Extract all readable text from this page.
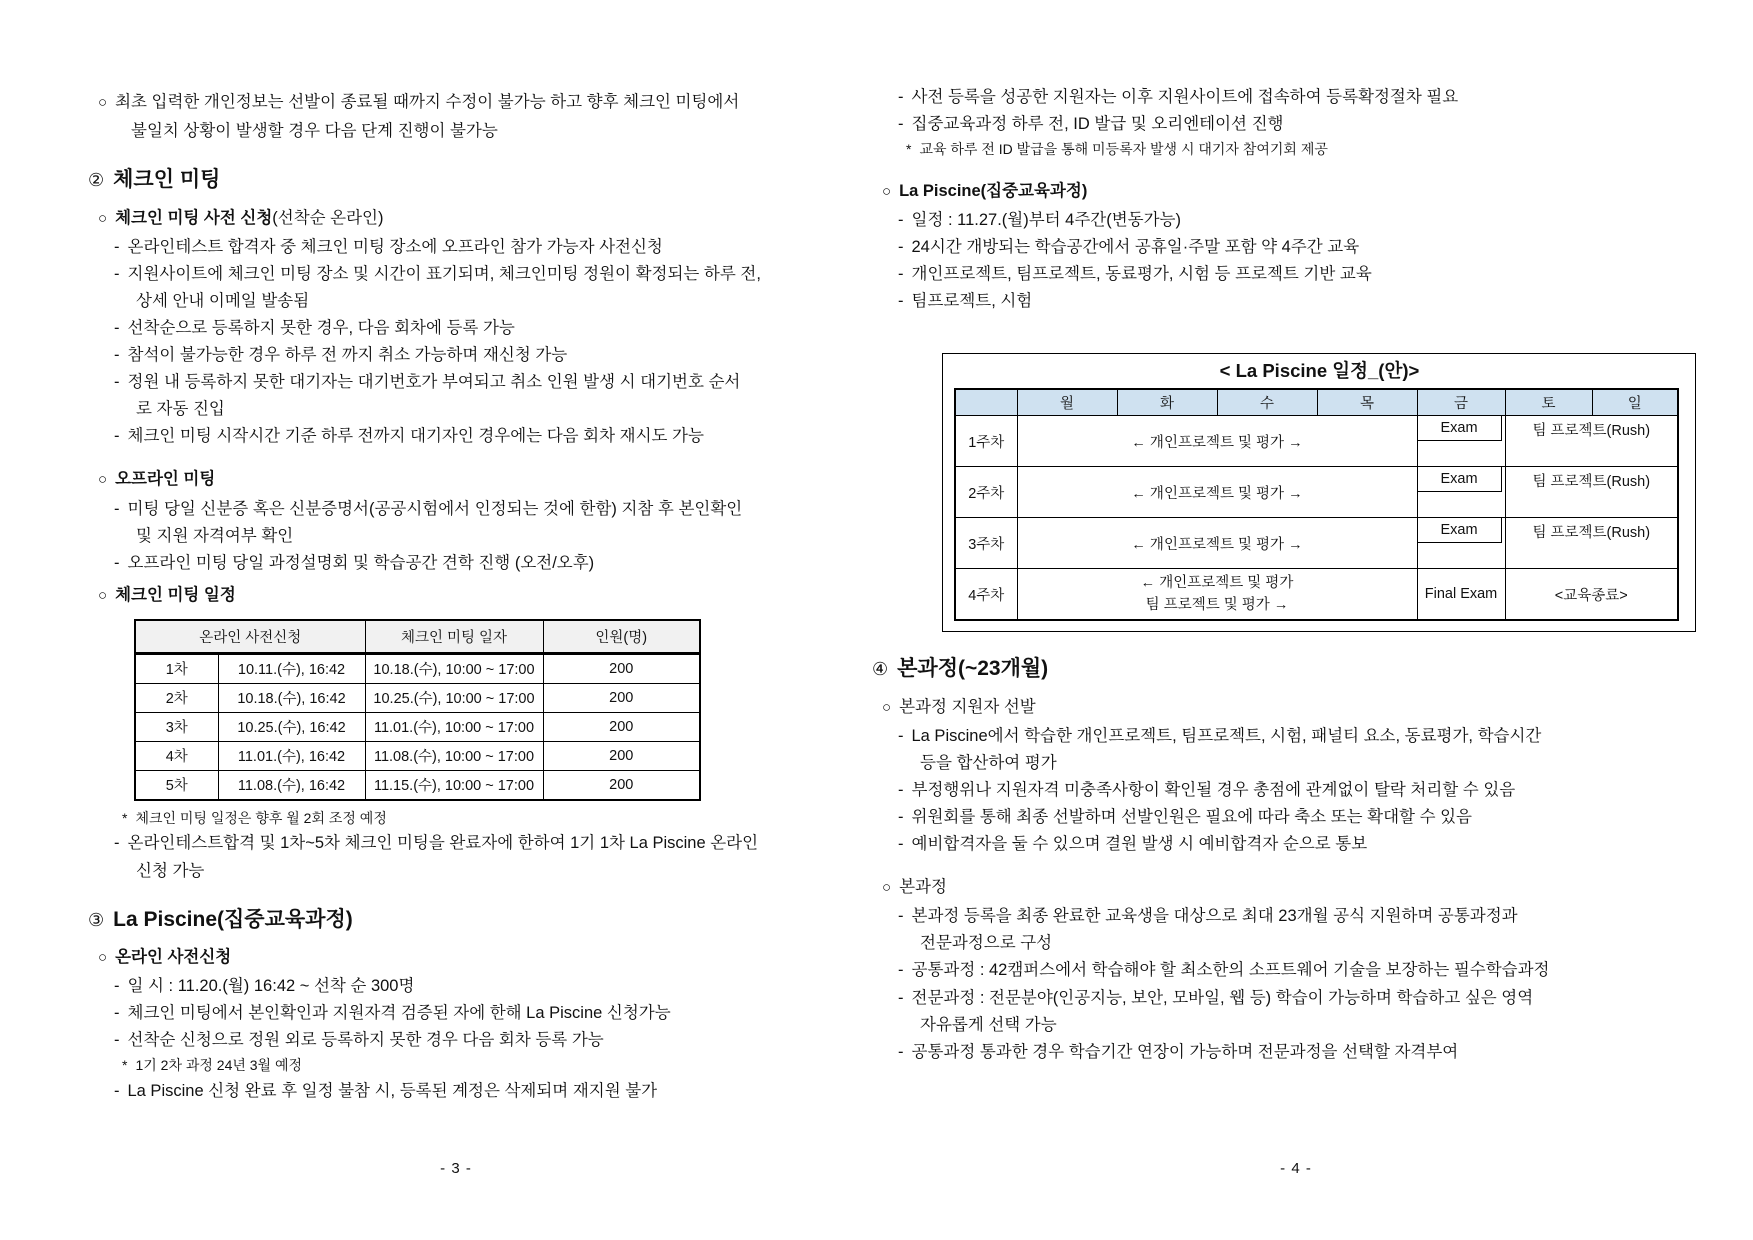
○ 최초 입력한 개인정보는 선발이 종료될 때까지 수정이 불가능 하고 향후 체크인 미팅에서
불일치 상황이 발생할 경우 다음 단계 진행이 불가능
② 체크인 미팅
○ 체크인 미팅 사전 신청 (선착순 온라인)
- 온라인테스트 합격자 중 체크인 미팅 장소에 오프라인 참가 가능자 사전신청
- 지원사이트에 체크인 미팅 장소 및 시간이 표기되며, 체크인미팅 정원이 확정되는 하루 전,
상세 안내 이메일 발송됨
- 선착순으로 등록하지 못한 경우, 다음 회차에 등록 가능
- 참석이 불가능한 경우 하루 전 까지 취소 가능하며 재신청 가능
- 정원 내 등록하지 못한 대기자는 대기번호가 부여되고 취소 인원 발생 시 대기번호 순서
로 자동 진입
- 체크인 미팅 시작시간 기준 하루 전까지 대기자인 경우에는 다음 회차 재시도 가능
○ 오프라인 미팅
- 미팅 당일 신분증 혹은 신분증명서(공공시험에서 인정되는 것에 한함) 지참 후 본인확인
및 지원 자격여부 확인
- 오프라인 미팅 당일 과정설명회 및 학습공간 견학 진행 (오전/오후)
○ 체크인 미팅 일정
온라인 사전신청		체크인 미팅 일자	인원(명)
1차	10.11.(수), 16:42	10.18.(수), 10:00 ~ 17:00	200
2차	10.18.(수), 16:42	10.25.(수), 10:00 ~ 17:00	200
3차	10.25.(수), 16:42	11.01.(수), 10:00 ~ 17:00	200
4차	11.01.(수), 16:42	11.08.(수), 10:00 ~ 17:00	200
5차	11.08.(수), 16:42	11.15.(수), 10:00 ~ 17:00	200
* 체크인 미팅 일정은 향후 월 2회 조정 예정
- 온라인테스트합격 및 1차~5차 체크인 미팅을 완료자에 한하여 1기 1차 La Piscine 온라인
신청 가능
③ La Piscine(집중교육과정)
○ 온라인 사전신청
- 일 시 : 11.20.(월) 16:42 ~ 선착 순 300명
- 체크인 미팅에서 본인확인과 지원자격 검증된 자에 한해 La Piscine 신청가능
- 선착순 신청으로 정원 외로 등록하지 못한 경우 다음 회차 등록 가능
* 1기 2차 과정 24년 3월 예정
- La Piscine 신청 완료 후 일정 불참 시, 등록된 계정은 삭제되며 재지원 불가
- 3 -
- 사전 등록을 성공한 지원자는 이후 지원사이트에 접속하여 등록확정절차 필요
- 집중교육과정 하루 전, ID 발급 및 오리엔테이션 진행
* 교육 하루 전 ID 발급을 통해 미등록자 발생 시 대기자 참여기회 제공
○ La Piscine(집중교육과정)
- 일정 : 11.27.(월)부터 4주간(변동가능)
- 24시간 개방되는 학습공간에서 공휴일·주말 포함 약 4주간 교육
- 개인프로젝트, 팀프로젝트, 동료평가, 시험 등 프로젝트 기반 교육
- 팀프로젝트, 시험
< La Piscine 일정_(안)>
	월	화	수	목	금	토	일
1주차	← 개인프로젝트 및 평가 →				Exam	팀 프로젝트(Rush)	
2주차	← 개인프로젝트 및 평가 →				Exam	팀 프로젝트(Rush)	
3주차	← 개인프로젝트 및 평가 →				Exam	팀 프로젝트(Rush)	
4주차	← 개인프로젝트 및 평가
팀 프로젝트 및 평가 →				Final Exam	<교육종료>	
④ 본과정(~23개월)
○ 본과정 지원자 선발
- La Piscine에서 학습한 개인프로젝트, 팀프로젝트, 시험, 패널티 요소, 동료평가, 학습시간
등을 합산하여 평가
- 부정행위나 지원자격 미충족사항이 확인될 경우 총점에 관계없이 탈락 처리할 수 있음
- 위원회를 통해 최종 선발하며 선발인원은 필요에 따라 축소 또는 확대할 수 있음
- 예비합격자을 둘 수 있으며 결원 발생 시 예비합격자 순으로 통보
○ 본과정
- 본과정 등록을 최종 완료한 교육생을 대상으로 최대 23개월 공식 지원하며 공통과정과
전문과정으로 구성
- 공통과정 : 42캠퍼스에서 학습해야 할 최소한의 소프트웨어 기술을 보장하는 필수학습과정
- 전문과정 : 전문분야(인공지능, 보안, 모바일, 웹 등) 학습이 가능하며 학습하고 싶은 영역
자유롭게 선택 가능
- 공통과정 통과한 경우 학습기간 연장이 가능하며 전문과정을 선택할 자격부여
- 4 -
